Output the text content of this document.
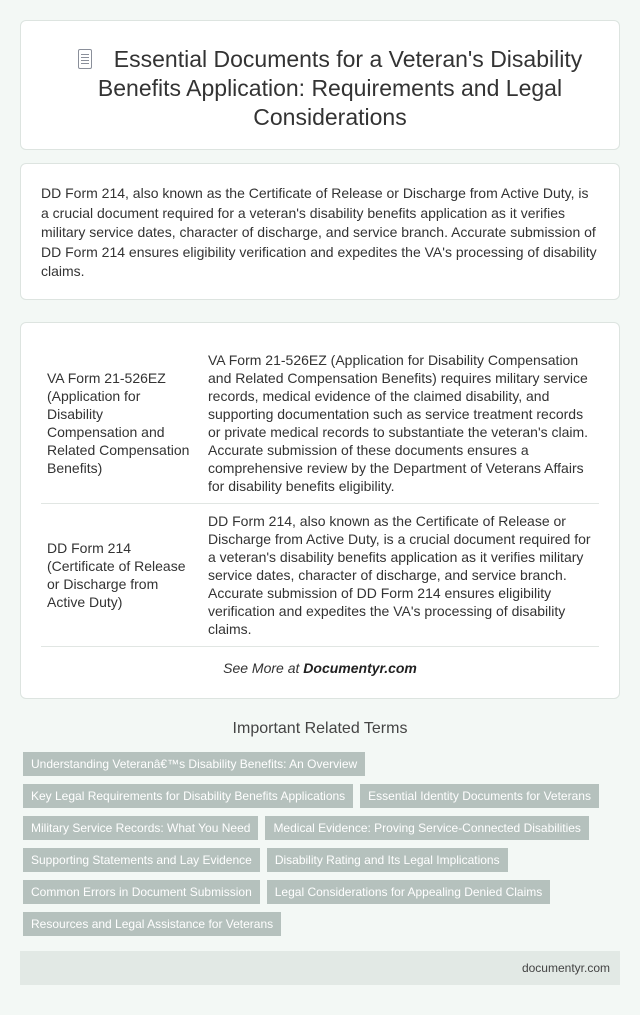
Essential Documents for a Veteran's Disability Benefits Application: Requirements and Legal Considerations

DD Form 214, also known as the Certificate of Release or Discharge from Active Duty, is a crucial document required for a veteran's disability benefits application as it verifies military service dates, character of discharge, and service branch. Accurate submission of DD Form 214 ensures eligibility verification and expedites the VA's processing of disability claims.

VA Form 21-526EZ (Application for Disability Compensation and Related Compensation Benefits)	VA Form 21-526EZ (Application for Disability Compensation and Related Compensation Benefits) requires military service records, medical evidence of the claimed disability, and supporting documentation such as service treatment records or private medical records to substantiate the veteran's claim. Accurate submission of these documents ensures a comprehensive review by the Department of Veterans Affairs for disability benefits eligibility.
DD Form 214 (Certificate of Release or Discharge from Active Duty)	DD Form 214, also known as the Certificate of Release or Discharge from Active Duty, is a crucial document required for a veteran's disability benefits application as it verifies military service dates, character of discharge, and service branch. Accurate submission of DD Form 214 ensures eligibility verification and expedites the VA's processing of disability claims.
See More at Documentyr.com
Important Related Terms
Understanding Veteranâ€™s Disability Benefits: An Overview
Key Legal Requirements for Disability Benefits Applications	Essential Identity Documents for Veterans
Military Service Records: What You Need	Medical Evidence: Proving Service-Connected Disabilities
Supporting Statements and Lay Evidence	Disability Rating and Its Legal Implications
Common Errors in Document Submission	Legal Considerations for Appealing Denied Claims
Resources and Legal Assistance for Veterans
documentyr.com
